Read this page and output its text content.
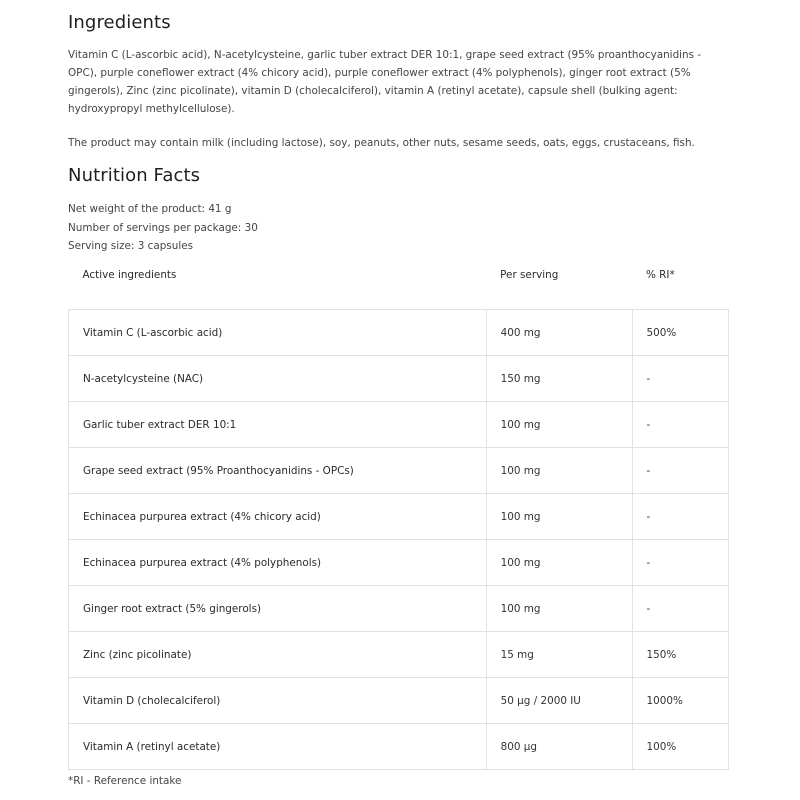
Ingredients

Vitamin C (L-ascorbic acid), N-acetylcysteine, garlic tuber extract DER 10:1, grape seed extract (95% proanthocyanidins - OPC), purple coneflower extract (4% chicory acid), purple coneflower extract (4% polyphenols), ginger root extract (5% gingerols), Zinc (zinc picolinate), vitamin D (cholecalciferol), vitamin A (retinyl acetate), capsule shell (bulking agent: hydroxypropyl methylcellulose).

The product may contain milk (including lactose), soy, peanuts, other nuts, sesame seeds, oats, eggs, crustaceans, fish.

Nutrition Facts
Net weight of the product: 41 g
Number of servings per package: 30
Serving size: 3 capsules
Active ingredients	Per serving	% RI*
Vitamin C (L-ascorbic acid)	400 mg	500%
N-acetylcysteine (NAC)	150 mg	-
Garlic tuber extract DER 10:1	100 mg	-
Grape seed extract (95% Proanthocyanidins - OPCs)	100 mg	-
Echinacea purpurea extract (4% chicory acid)	100 mg	-
Echinacea purpurea extract (4% polyphenols)	100 mg	-
Ginger root extract (5% gingerols)	100 mg	-
Zinc (zinc picolinate)	15 mg	150%
Vitamin D (cholecalciferol)	50 µg / 2000 IU	1000%
Vitamin A (retinyl acetate)	800 µg	100%
*RI - Reference intake
